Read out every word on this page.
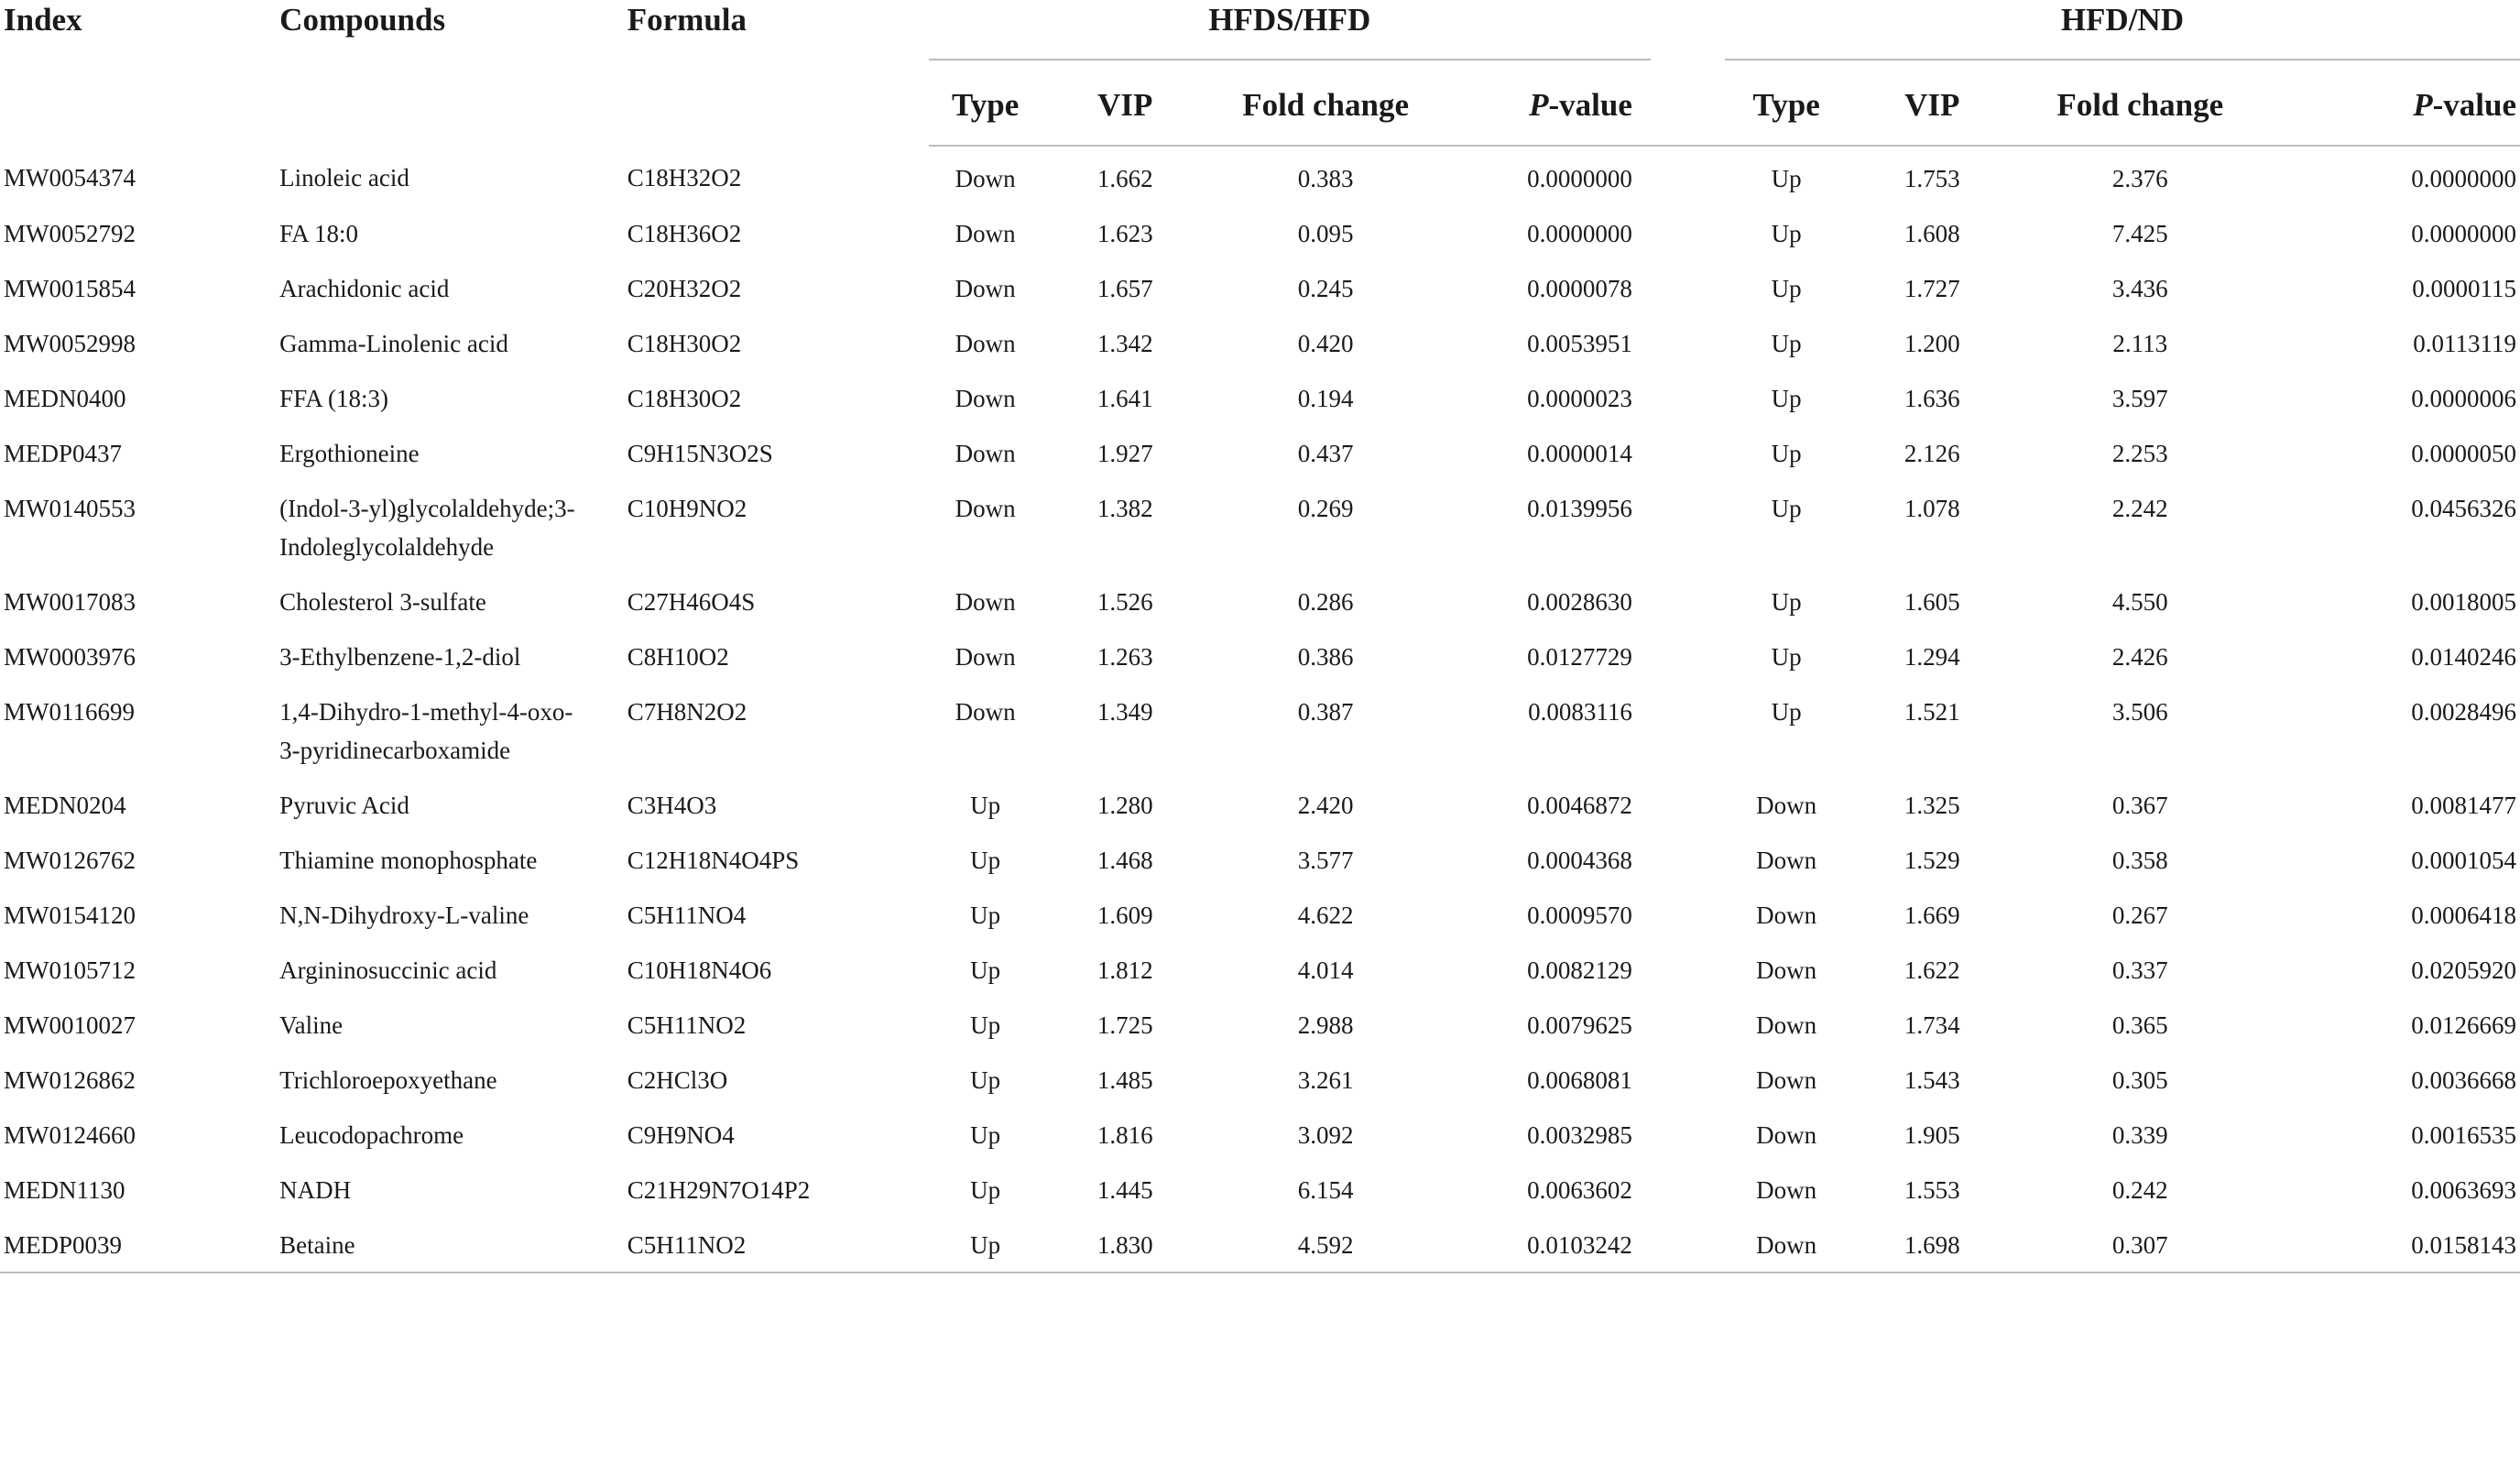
Index	Compounds	Formula	HFDS/HFD					HFD/ND			

			Type	VIP	Fold change	P-value		Type	VIP	Fold change	P-value
MW0054374	Linoleic acid	C18H32O2	Down	1.662	0.383	0.0000000		Up	1.753	2.376	0.0000000
MW0052792	FA 18:0	C18H36O2	Down	1.623	0.095	0.0000000		Up	1.608	7.425	0.0000000
MW0015854	Arachidonic acid	C20H32O2	Down	1.657	0.245	0.0000078		Up	1.727	3.436	0.0000115
MW0052998	Gamma-Linolenic acid	C18H30O2	Down	1.342	0.420	0.0053951		Up	1.200	2.113	0.0113119
MEDN0400	FFA (18:3)	C18H30O2	Down	1.641	0.194	0.0000023		Up	1.636	3.597	0.0000006
MEDP0437	Ergothioneine	C9H15N3O2S	Down	1.927	0.437	0.0000014		Up	2.126	2.253	0.0000050
MW0140553	(Indol-3-yl)glycolaldehyde;3-Indoleglycolaldehyde	C10H9NO2	Down	1.382	0.269	0.0139956		Up	1.078	2.242	0.0456326
MW0017083	Cholesterol 3-sulfate	C27H46O4S	Down	1.526	0.286	0.0028630		Up	1.605	4.550	0.0018005
MW0003976	3-Ethylbenzene-1,2-diol	C8H10O2	Down	1.263	0.386	0.0127729		Up	1.294	2.426	0.0140246
MW0116699	1,4-Dihydro-1-methyl-4-oxo-3-pyridinecarboxamide	C7H8N2O2	Down	1.349	0.387	0.0083116		Up	1.521	3.506	0.0028496
MEDN0204	Pyruvic Acid	C3H4O3	Up	1.280	2.420	0.0046872		Down	1.325	0.367	0.0081477
MW0126762	Thiamine monophosphate	C12H18N4O4PS	Up	1.468	3.577	0.0004368		Down	1.529	0.358	0.0001054
MW0154120	N,N-Dihydroxy-L-valine	C5H11NO4	Up	1.609	4.622	0.0009570		Down	1.669	0.267	0.0006418
MW0105712	Argininosuccinic acid	C10H18N4O6	Up	1.812	4.014	0.0082129		Down	1.622	0.337	0.0205920
MW0010027	Valine	C5H11NO2	Up	1.725	2.988	0.0079625		Down	1.734	0.365	0.0126669
MW0126862	Trichloroepoxyethane	C2HCl3O	Up	1.485	3.261	0.0068081		Down	1.543	0.305	0.0036668
MW0124660	Leucodopachrome	C9H9NO4	Up	1.816	3.092	0.0032985		Down	1.905	0.339	0.0016535
MEDN1130	NADH	C21H29N7O14P2	Up	1.445	6.154	0.0063602		Down	1.553	0.242	0.0063693
MEDP0039	Betaine	C5H11NO2	Up	1.830	4.592	0.0103242		Down	1.698	0.307	0.0158143
